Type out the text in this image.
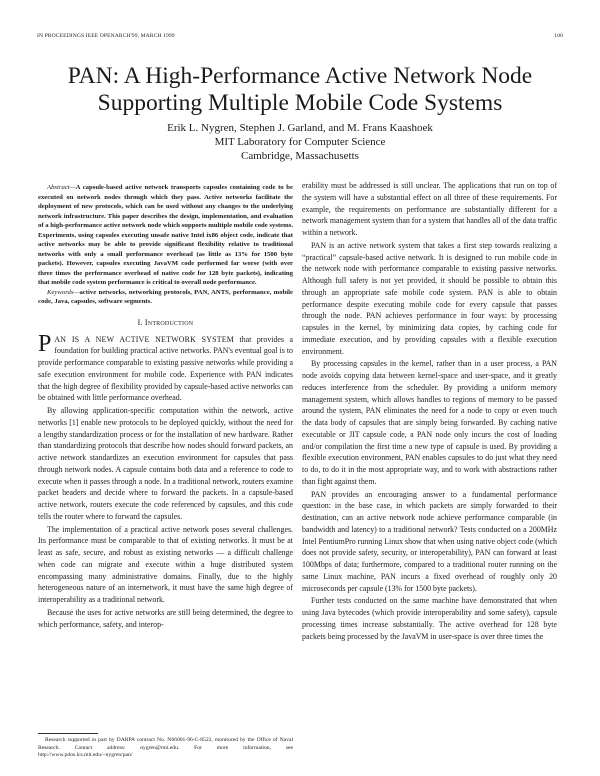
IN PROCEEDINGS IEEE OPENARCH'99, MARCH 1999	100
PAN: A High-Performance Active Network Node
Supporting Multiple Mobile Code Systems
Erik L. Nygren, Stephen J. Garland, and M. Frans Kaashoek
MIT Laboratory for Computer Science
Cambridge, Massachusetts

Abstract—A capsule-based active network transports capsules containing code to be executed on network nodes through which they pass. Active networks facilitate the deployment of new protocols, which can be used without any changes to the underlying network infrastructure. This paper describes the design, implementation, and evaluation of a high-performance active network node which supports multiple mobile code systems. Experiments, using capsules executing unsafe native Intel ix86 object code, indicate that active networks may be able to provide significant flexibility relative to traditional networks with only a small performance overhead (as little as 13% for 1500 byte packets). However, capsules executing JavaVM code performed far worse (with over three times the performance overhead of native code for 128 byte packets), indicating that mobile code system performance is critical to overall node performance.

Keywords—active networks, networking protocols, PAN, ANTS, performance, mobile code, Java, capsules, software segments.

I. Introduction

PAN IS A NEW ACTIVE NETWORK SYSTEM that provides a foundation for building practical active networks. PAN's eventual goal is to provide performance comparable to existing passive networks while providing a safe execution environment for mobile code. Experience with PAN indicates that the high degree of flexibility provided by capsule-based active networks can be obtained with little performance overhead.

By allowing application-specific computation within the network, active networks [1] enable new protocols to be deployed quickly, without the need for a lengthy standardization process or for the installation of new hardware. Rather than standardizing protocols that describe how nodes should forward packets, an active network standardizes an execution environment for capsules that pass through network nodes. A capsule contains both data and a reference to code to execute when it passes through a node. In a traditional network, routers examine packet headers and decide where to forward the packets. In a capsule-based active network, routers execute the code referenced by capsules, and this code tells the router where to forward the capsules.

The implementation of a practical active network poses several challenges. Its performance must be comparable to that of existing networks. It must be at least as safe, secure, and robust as existing networks — a difficult challenge when code can migrate and execute within a huge distributed system encompassing many administrative domains. Finally, due to the highly heterogeneous nature of an internetwork, it must have the same high degree of interoperability as a traditional network.

Because the uses for active networks are still being determined, the degree to which performance, safety, and interop-

Research supported in part by DARPA contract No. N66001-96-C-8522, monitored by the Office of Naval Research. Contact address: nygren@mit.edu. For more information, see http://www.pdos.lcs.mit.edu/~nygren/pan/

erability must be addressed is still unclear. The applications that run on top of the system will have a substantial effect on all three of these requirements. For example, the requirements on performance are substantially different for a network management system than for a system that handles all of the data traffic within a network.

PAN is an active network system that takes a first step towards realizing a “practical” capsule-based active network. It is designed to run mobile code in the network node with performance comparable to existing passive networks. Although full safety is not yet provided, it should be possible to obtain this through an appropriate safe mobile code system. PAN is able to obtain performance despite executing mobile code for every capsule that passes through the node. PAN achieves performance in four ways: by processing capsules in the kernel, by minimizing data copies, by caching code for immediate execution, and by providing capsules with a flexible execution environment.

By processing capsules in the kernel, rather than in a user process, a PAN node avoids copying data between kernel-space and user-space, and it greatly reduces interference from the scheduler. By providing a uniform memory management system, which allows handles to regions of memory to be passed around the system, PAN eliminates the need for a node to copy or even touch the data body of capsules that are simply being forwarded. By caching native executable or JIT capsule code, a PAN node only incurs the cost of loading and/or compilation the first time a new type of capsule is used. By providing a flexible execution environment, PAN enables capsules to do just what they need to do, to do it in the most appropriate way, and to work with abstractions rather than fight against them.

PAN provides an encouraging answer to a fundamental performance question: in the base case, in which packets are simply forwarded to their destination, can an active network node achieve performance comparable (in bandwidth and latency) to a traditional network? Tests conducted on a 200MHz Intel PentiumPro running Linux show that when using native object code (which does not provide safety, security, or interoperability), PAN can forward at least 100Mbps of data; furthermore, compared to a traditional router running on the same Linux machine, PAN incurs a fixed overhead of roughly only 20 microseconds per capsule (13% for 1500 byte packets).

Further tests conducted on the same machine have demonstrated that when using Java bytecodes (which provide interoperability and some safety), capsule processing times increase substantially. The active overhead for 128 byte packets being processed by the JavaVM in user-space is over three times the
